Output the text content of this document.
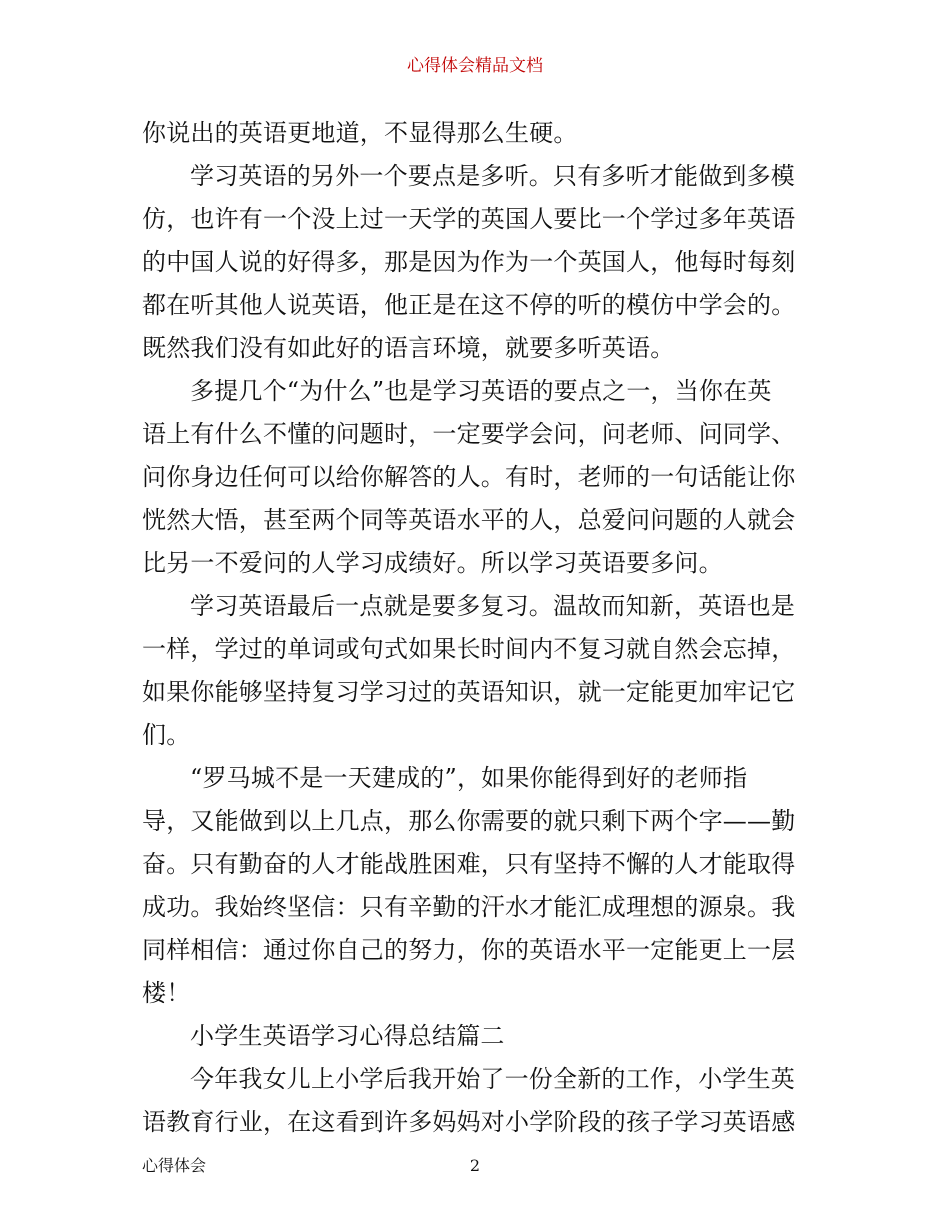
心得体会精品文档
你说出的英语更地道，不显得那么生硬。
学习英语的另外一个要点是多听。只有多听才能做到多模
仿，也许有一个没上过一天学的英国人要比一个学过多年英语
的中国人说的好得多，那是因为作为一个英国人，他每时每刻
都在听其他人说英语，他正是在这不停的听的模仿中学会的。
既然我们没有如此好的语言环境，就要多听英语。
多提几个“为什么”也是学习英语的要点之一，当你在英
语上有什么不懂的问题时，一定要学会问，问老师、问同学、
问你身边任何可以给你解答的人。有时，老师的一句话能让你
恍然大悟，甚至两个同等英语水平的人，总爱问问题的人就会
比另一不爱问的人学习成绩好。所以学习英语要多问。
学习英语最后一点就是要多复习。温故而知新，英语也是
一样，学过的单词或句式如果长时间内不复习就自然会忘掉，
如果你能够坚持复习学习过的英语知识，就一定能更加牢记它
们。
“罗马城不是一天建成的”，如果你能得到好的老师指
导，又能做到以上几点，那么你需要的就只剩下两个字——勤
奋。只有勤奋的人才能战胜困难，只有坚持不懈的人才能取得
成功。我始终坚信：只有辛勤的汗水才能汇成理想的源泉。我
同样相信：通过你自己的努力，你的英语水平一定能更上一层
楼！
小学生英语学习心得总结篇二
今年我女儿上小学后我开始了一份全新的工作，小学生英
语教育行业，在这看到许多妈妈对小学阶段的孩子学习英语感
心得体会	2
